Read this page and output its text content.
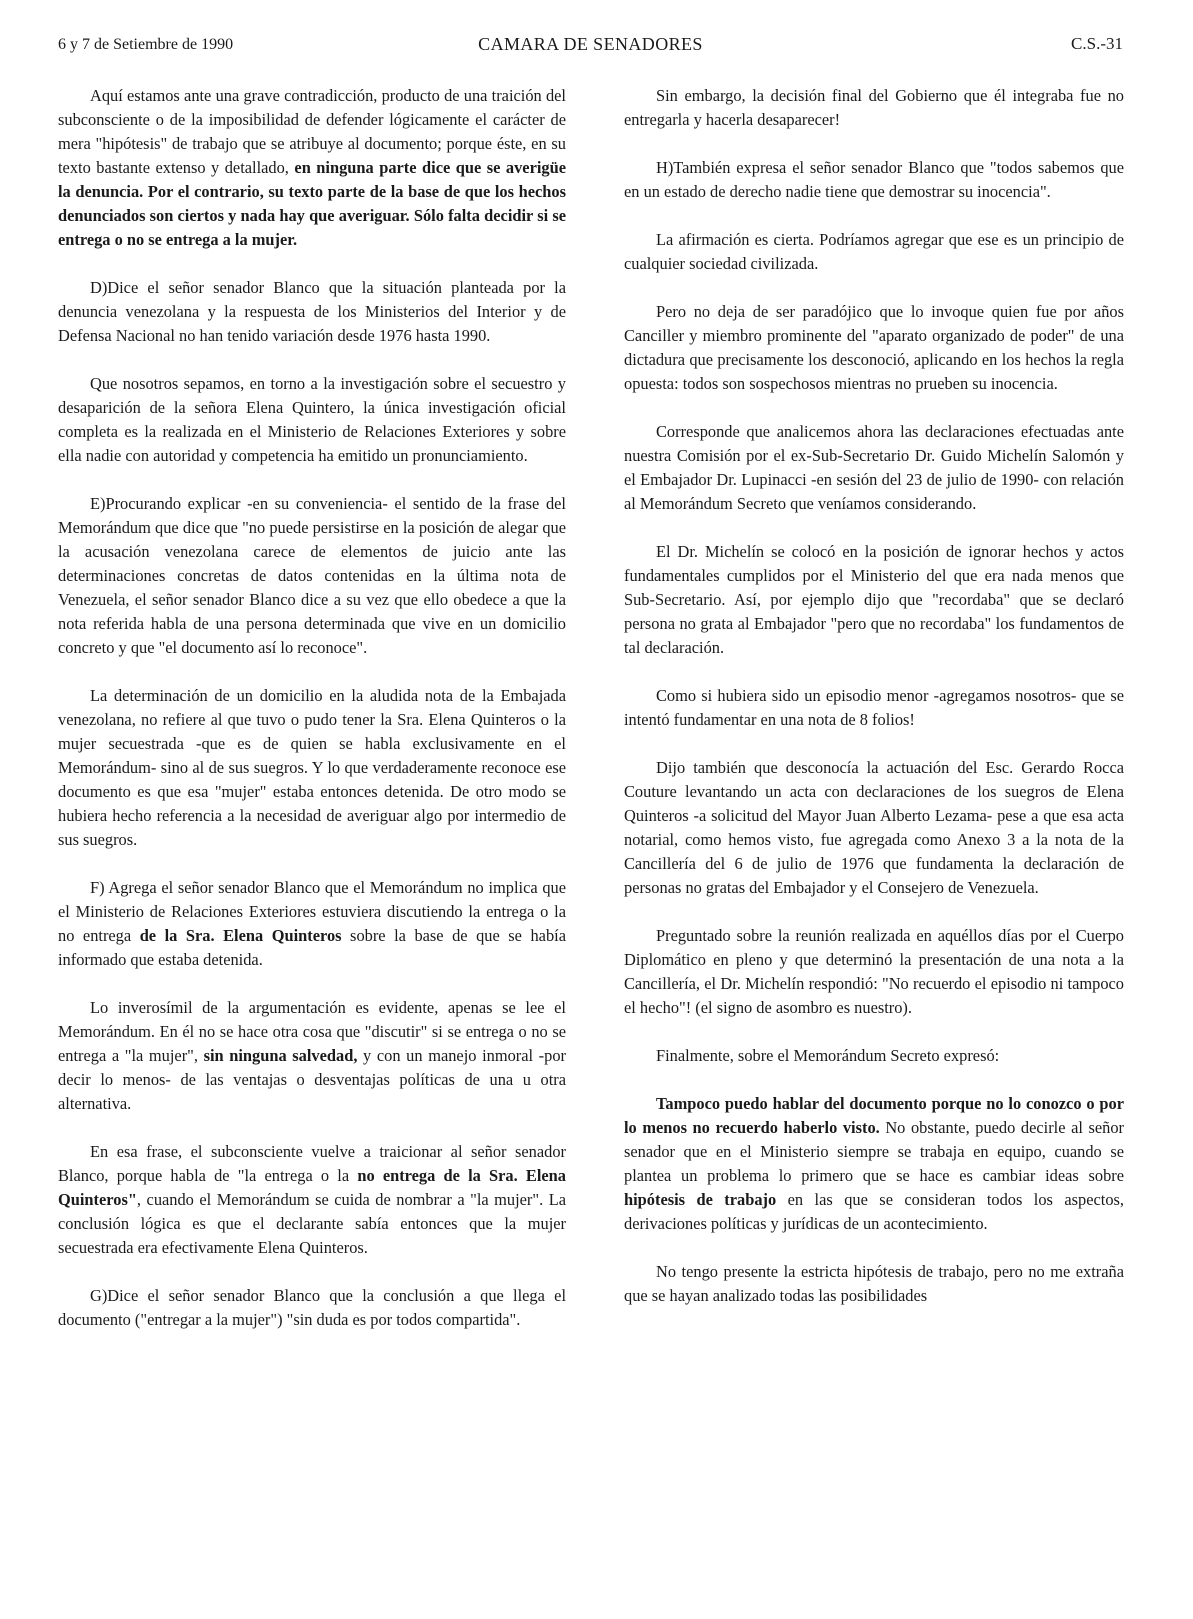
6 y 7 de Setiembre de 1990	CAMARA DE SENADORES	C.S.-31

Aquí estamos ante una grave contradicción, producto de una traición del subconsciente o de la imposibilidad de defender lógicamente el carácter de mera "hipótesis" de trabajo que se atribuye al documento; porque éste, en su texto bastante extenso y detallado, en ninguna parte dice que se averigüe la denuncia. Por el contrario, su texto parte de la base de que los hechos denunciados son ciertos y nada hay que averiguar. Sólo falta decidir si se entrega o no se entrega a la mujer.

D)Dice el señor senador Blanco que la situación planteada por la denuncia venezolana y la respuesta de los Ministerios del Interior y de Defensa Nacional no han tenido variación desde 1976 hasta 1990.

Que nosotros sepamos, en torno a la investigación sobre el secuestro y desaparición de la señora Elena Quintero, la única investigación oficial completa es la realizada en el Ministerio de Relaciones Exteriores y sobre ella nadie con autoridad y competencia ha emitido un pronunciamiento.

E)Procurando explicar -en su conveniencia- el sentido de la frase del Memorándum que dice que "no puede persistirse en la posición de alegar que la acusación venezolana carece de elementos de juicio ante las determinaciones concretas de datos contenidas en la última nota de Venezuela, el señor senador Blanco dice a su vez que ello obedece a que la nota referida habla de una persona determinada que vive en un domicilio concreto y que "el documento así lo reconoce".

La determinación de un domicilio en la aludida nota de la Embajada venezolana, no refiere al que tuvo o pudo tener la Sra. Elena Quinteros o la mujer secuestrada -que es de quien se habla exclusivamente en el Memorándum- sino al de sus suegros. Y lo que verdaderamente reconoce ese documento es que esa "mujer" estaba entonces detenida. De otro modo se hubiera hecho referencia a la necesidad de averiguar algo por intermedio de sus suegros.

F) Agrega el señor senador Blanco que el Memorándum no implica que el Ministerio de Relaciones Exteriores estuviera discutiendo la entrega o la no entrega de la Sra. Elena Quinteros sobre la base de que se había informado que estaba detenida.

Lo inverosímil de la argumentación es evidente, apenas se lee el Memorándum. En él no se hace otra cosa que "discutir" si se entrega o no se entrega a "la mujer", sin ninguna salvedad, y con un manejo inmoral -por decir lo menos- de las ventajas o desventajas políticas de una u otra alternativa.

En esa frase, el subconsciente vuelve a traicionar al señor senador Blanco, porque habla de "la entrega o la no entrega de la Sra. Elena Quinteros", cuando el Memorándum se cuida de nombrar a "la mujer". La conclusión lógica es que el declarante sabía entonces que la mujer secuestrada era efectivamente Elena Quinteros.

G)Dice el señor senador Blanco que la conclusión a que llega el documento ("entregar a la mujer") "sin duda es por todos compartida".

Sin embargo, la decisión final del Gobierno que él integraba fue no entregarla y hacerla desaparecer!

H)También expresa el señor senador Blanco que "todos sabemos que en un estado de derecho nadie tiene que demostrar su inocencia".

La afirmación es cierta. Podríamos agregar que ese es un principio de cualquier sociedad civilizada.

Pero no deja de ser paradójico que lo invoque quien fue por años Canciller y miembro prominente del "aparato organizado de poder" de una dictadura que precisamente los desconoció, aplicando en los hechos la regla opuesta: todos son sospechosos mientras no prueben su inocencia.

Corresponde que analicemos ahora las declaraciones efectuadas ante nuestra Comisión por el ex-Sub-Secretario Dr. Guido Michelín Salomón y el Embajador Dr. Lupinacci -en sesión del 23 de julio de 1990- con relación al Memorándum Secreto que veníamos considerando.

El Dr. Michelín se colocó en la posición de ignorar hechos y actos fundamentales cumplidos por el Ministerio del que era nada menos que Sub-Secretario. Así, por ejemplo dijo que "recordaba" que se declaró persona no grata al Embajador "pero que no recordaba" los fundamentos de tal declaración.

Como si hubiera sido un episodio menor -agregamos nosotros- que se intentó fundamentar en una nota de 8 folios!

Dijo también que desconocía la actuación del Esc. Gerardo Rocca Couture levantando un acta con declaraciones de los suegros de Elena Quinteros -a solicitud del Mayor Juan Alberto Lezama- pese a que esa acta notarial, como hemos visto, fue agregada como Anexo 3 a la nota de la Cancillería del 6 de julio de 1976 que fundamenta la declaración de personas no gratas del Embajador y el Consejero de Venezuela.

Preguntado sobre la reunión realizada en aquéllos días por el Cuerpo Diplomático en pleno y que determinó la presentación de una nota a la Cancillería, el Dr. Michelín respondió: "No recuerdo el episodio ni tampoco el hecho"! (el signo de asombro es nuestro).

Finalmente, sobre el Memorándum Secreto expresó:

Tampoco puedo hablar del documento porque no lo conozco o por lo menos no recuerdo haberlo visto. No obstante, puedo decirle al señor senador que en el Ministerio siempre se trabaja en equipo, cuando se plantea un problema lo primero que se hace es cambiar ideas sobre hipótesis de trabajo en las que se consideran todos los aspectos, derivaciones políticas y jurídicas de un acontecimiento.

No tengo presente la estricta hipótesis de trabajo, pero no me extraña que se hayan analizado todas las posibilidades
